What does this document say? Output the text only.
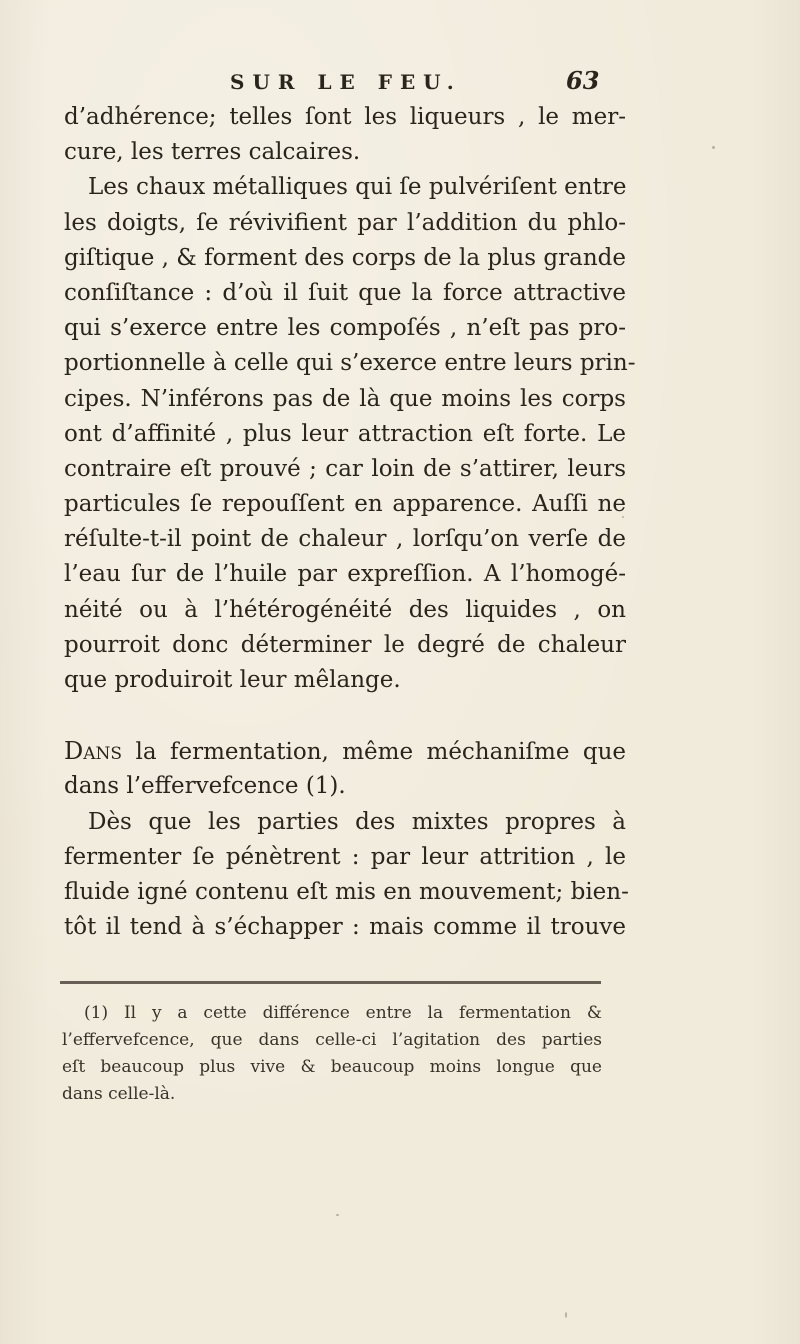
SUR LE FEU.	63
d’adhérence; telles ſont les liqueurs , le mer-
cure, les terres calcaires.
Les chaux métalliques qui ſe pulvériſent entre
les doigts, ſe révivifient par l’addition du phlo-
giſtique , & forment des corps de la plus grande
conſiſtance : d’où il ſuit que la force attractive
qui s’exerce entre les compoſés , n’eſt pas pro-
portionnelle à celle qui s’exerce entre leurs prin-
cipes. N’inférons pas de là que moins les corps
ont d’affinité , plus leur attraction eſt forte. Le
contraire eſt prouvé ; car loin de s’attirer, leurs
particules ſe repouſſent en apparence. Auſſi ne
réſulte-t-il point de chaleur , lorſqu’on verſe de
l’eau ſur de l’huile par expreſſion. A l’homogé-
néité ou à l’hétérogénéité des liquides , on
pourroit donc déterminer le degré de chaleur
que produiroit leur mêlange.
Dans la fermentation, même méchaniſme que
dans l’effervefcence (1).
Dès que les parties des mixtes propres à
fermenter ſe pénètrent : par leur attrition , le
fluide igné contenu eſt mis en mouvement; bien-
tôt il tend à s’échapper : mais comme il trouve
(1) Il y a cette différence entre la fermentation &
l’effervefcence, que dans celle-ci l’agitation des parties
eſt beaucoup plus vive & beaucoup moins longue que
dans celle-là.
